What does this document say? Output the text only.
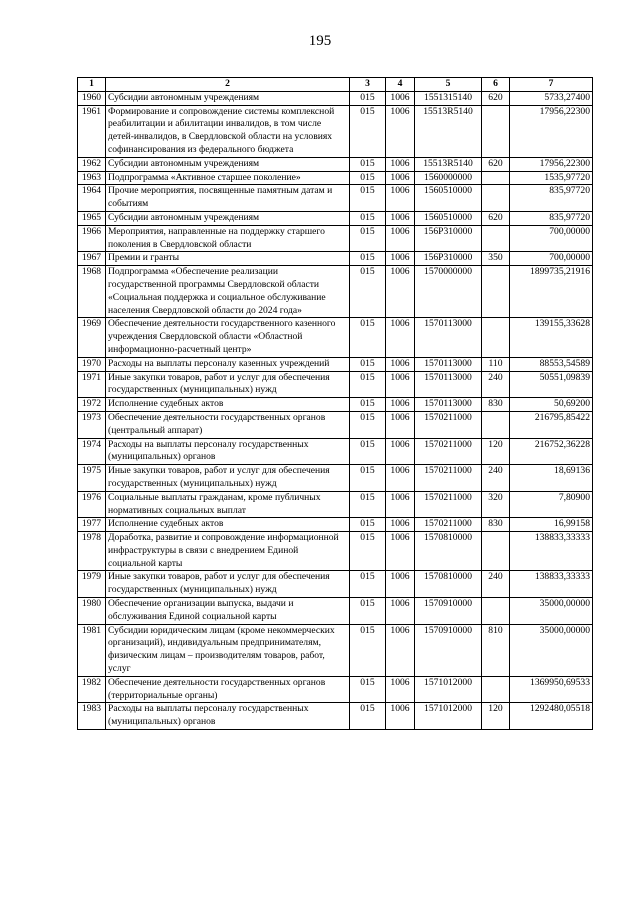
195
1	2	3	4	5	6	7
1960	Субсидии автономным учреждениям	015	1006	1551315140	620	5733,27400
1961	Формирование и сопровождение системы комплексной реабилитации и абилитации инвалидов, в том числе детей-инвалидов, в Свердловской области на условиях софинансирования из федерального бюджета	015	1006	15513R5140		17956,22300
1962	Субсидии автономным учреждениям	015	1006	15513R5140	620	17956,22300
1963	Подпрограмма «Активное старшее поколение»	015	1006	1560000000		1535,97720
1964	Прочие мероприятия, посвященные памятным датам и событиям	015	1006	1560510000		835,97720
1965	Субсидии автономным учреждениям	015	1006	1560510000	620	835,97720
1966	Мероприятия, направленные на поддержку старшего поколения в Свердловской области	015	1006	156P310000		700,00000
1967	Премии и гранты	015	1006	156P310000	350	700,00000
1968	Подпрограмма «Обеспечение реализации государственной программы Свердловской области «Социальная поддержка и социальное обслуживание населения Свердловской области до 2024 года»	015	1006	1570000000		1899735,21916
1969	Обеспечение деятельности государственного казенного учреждения Свердловской области «Областной информационно-расчетный центр»	015	1006	1570113000		139155,33628
1970	Расходы на выплаты персоналу казенных учреждений	015	1006	1570113000	110	88553,54589
1971	Иные закупки товаров, работ и услуг для обеспечения государственных (муниципальных) нужд	015	1006	1570113000	240	50551,09839
1972	Исполнение судебных актов	015	1006	1570113000	830	50,69200
1973	Обеспечение деятельности государственных органов (центральный аппарат)	015	1006	1570211000		216795,85422
1974	Расходы на выплаты персоналу государственных (муниципальных) органов	015	1006	1570211000	120	216752,36228
1975	Иные закупки товаров, работ и услуг для обеспечения государственных (муниципальных) нужд	015	1006	1570211000	240	18,69136
1976	Социальные выплаты гражданам, кроме публичных нормативных социальных выплат	015	1006	1570211000	320	7,80900
1977	Исполнение судебных актов	015	1006	1570211000	830	16,99158
1978	Доработка, развитие и сопровождение информационной инфраструктуры в связи с внедрением Единой социальной карты	015	1006	1570810000		138833,33333
1979	Иные закупки товаров, работ и услуг для обеспечения государственных (муниципальных) нужд	015	1006	1570810000	240	138833,33333
1980	Обеспечение организации выпуска, выдачи и обслуживания Единой социальной карты	015	1006	1570910000		35000,00000
1981	Субсидии юридическим лицам (кроме некоммерческих организаций), индивидуальным предпринимателям, физическим лицам – производителям товаров, работ, услуг	015	1006	1570910000	810	35000,00000
1982	Обеспечение деятельности государственных органов (территориальные органы)	015	1006	1571012000		1369950,69533
1983	Расходы на выплаты персоналу государственных (муниципальных) органов	015	1006	1571012000	120	1292480,05518
